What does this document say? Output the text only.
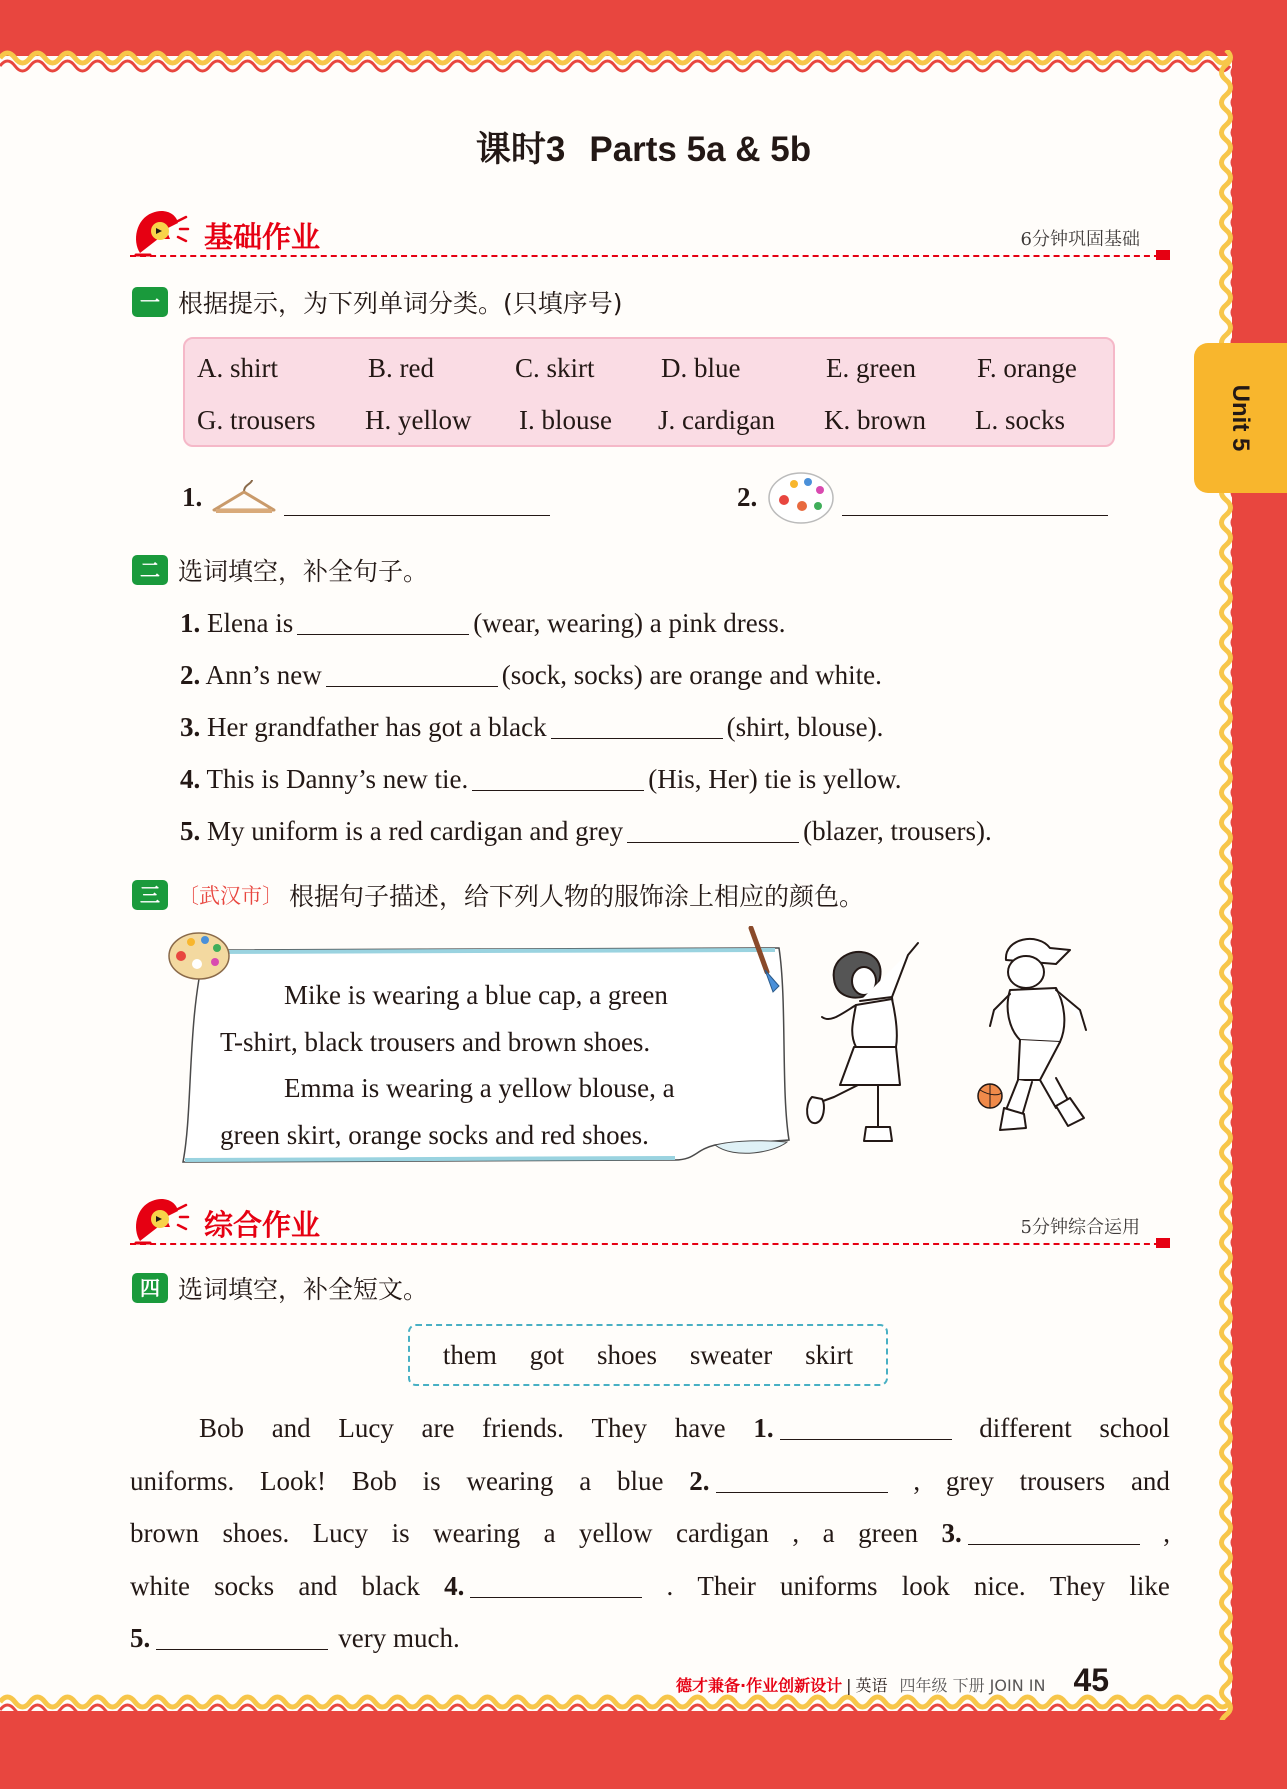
Unit 5
课时3 Parts 5a & 5b
基础作业	6分钟巩固基础
一 根据提示，为下列单词分类。(只填序号)
A. shirt	B. red	C. skirt D. blue	E. green F. orange
G. trousers H. yellow I. blouse J. cardigan K. brown L. socks
1.	2.
二 选词填空，补全句子。
1. Elena is	(wear, wearing) a pink dress.
2. Ann’s new	(sock, socks) are orange and white.
3. Her grandfather has got a black	(shirt, blouse).
4. This is Danny’s new tie.	(His, Her) tie is yellow.
5. My uniform is a red cardigan and grey	(blazer, trousers).
三 〔武汉市〕 根据句子描述，给下列人物的服饰涂上相应的颜色。

Mike is wearing a blue cap, a green

T-shirt, black trousers and brown shoes.

Emma is wearing a yellow blouse, a

green skirt, orange socks and red shoes.

综合作业	5分钟综合运用
四 选词填空，补全短文。
them got shoes sweater skirt
Bob and Lucy are friends. They have 1.	different school
uniforms. Look! Bob is wearing a blue 2.	, grey trousers and
brown shoes. Lucy is wearing a yellow cardigan , a green 3.	,
white socks and black 4.	. Their uniforms look nice. They like
5.	very much.
德才兼备·作业创新设计 | 英语 四年级 下册 JOIN IN 45
